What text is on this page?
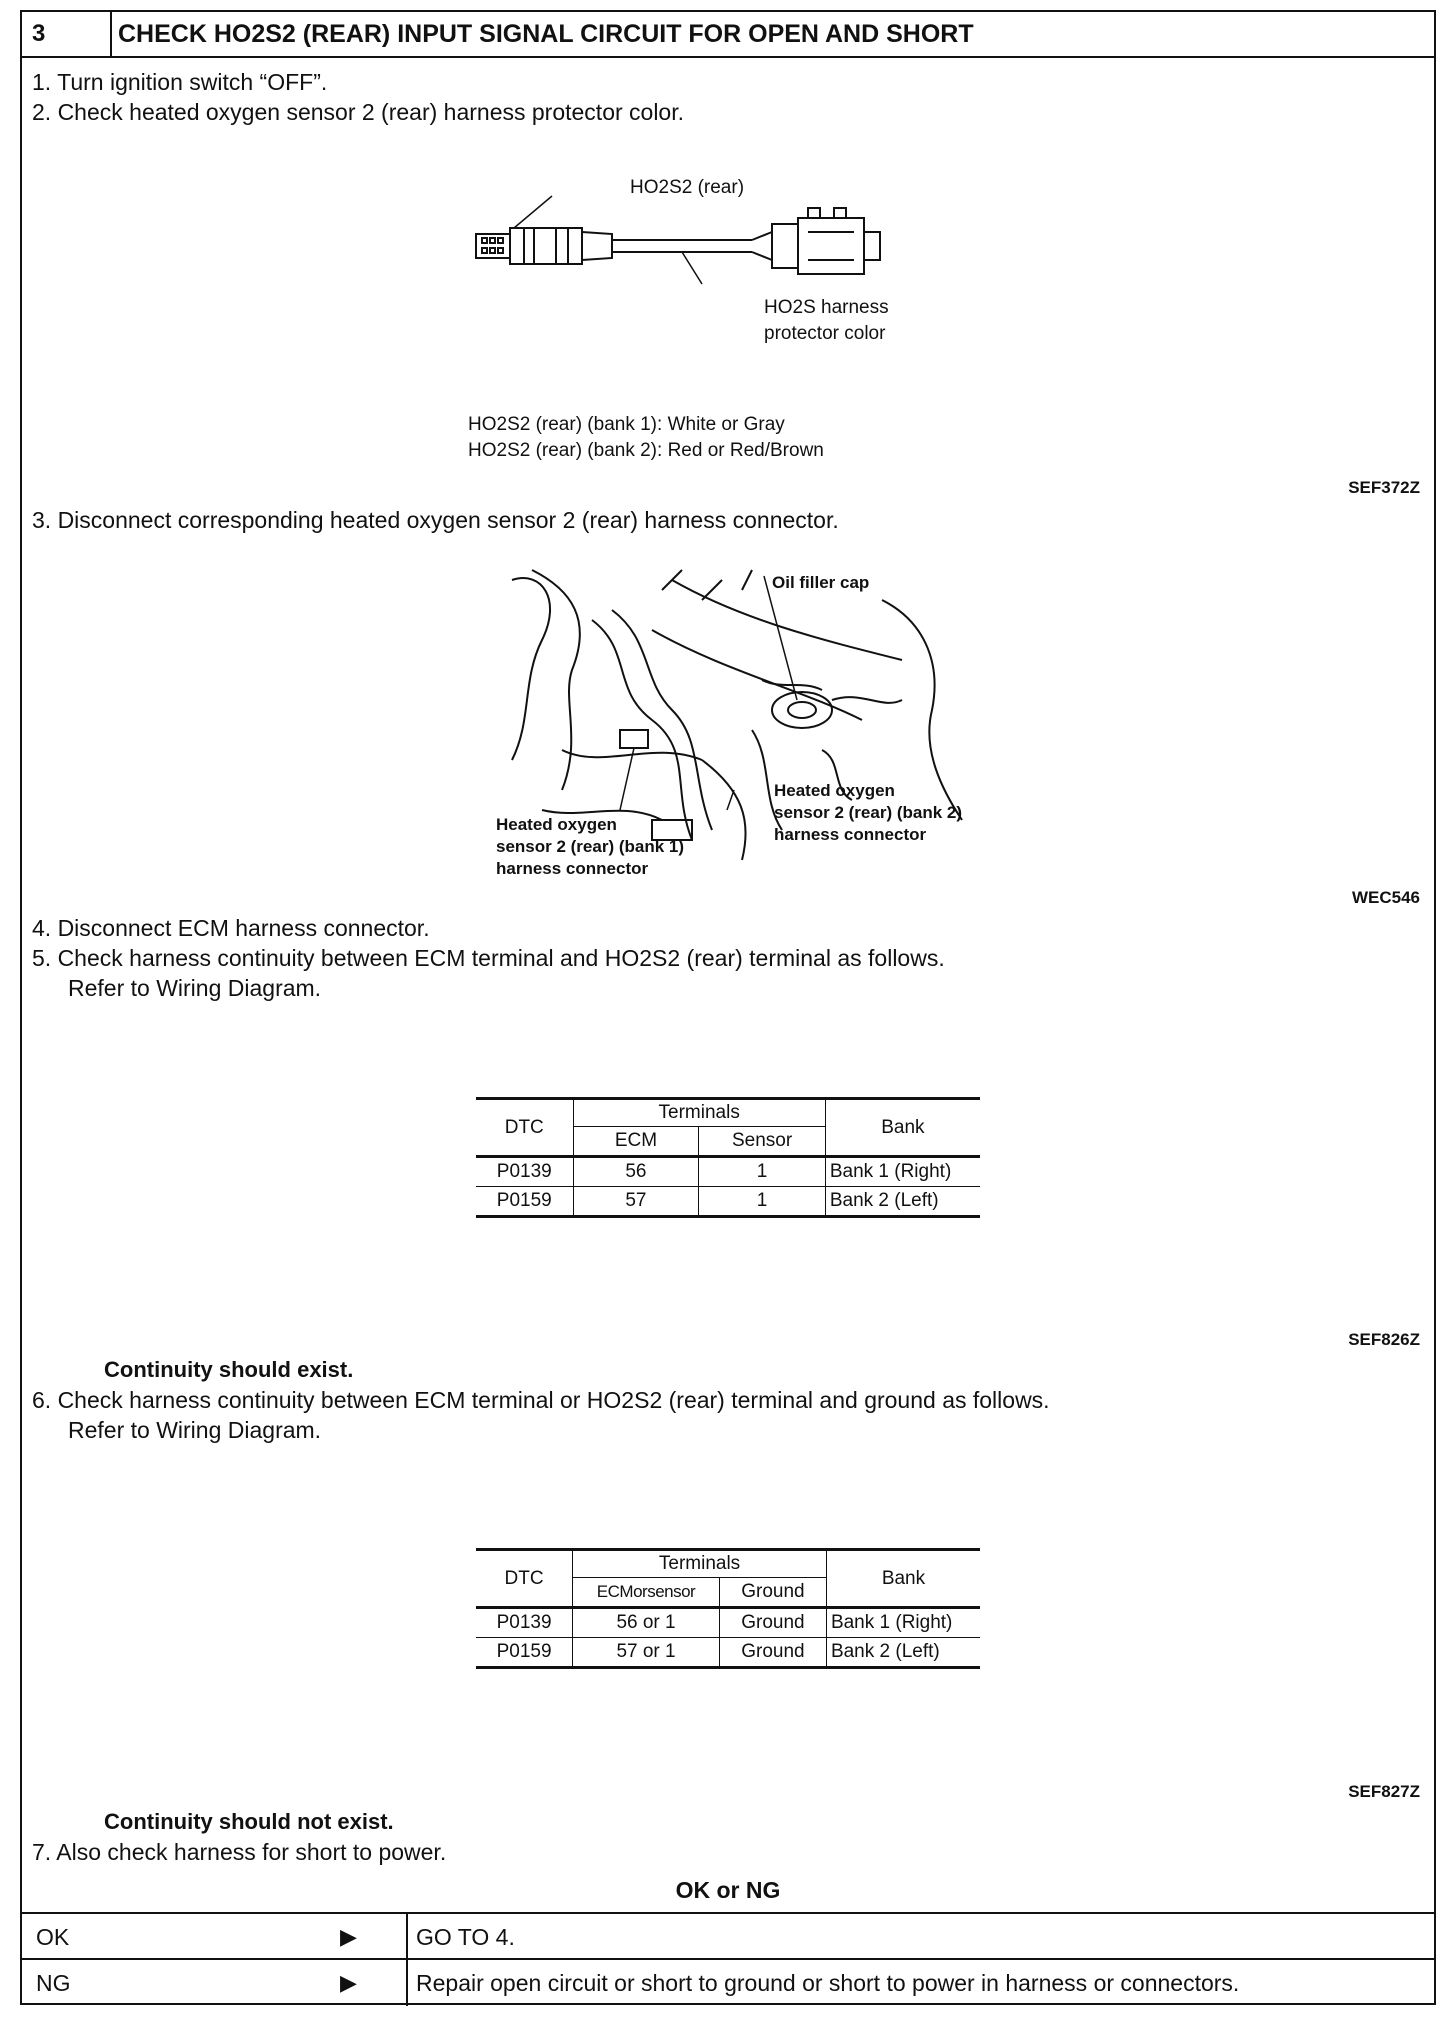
3	CHECK HO2S2 (REAR) INPUT SIGNAL CIRCUIT FOR OPEN AND SHORT
1. Turn ignition switch “OFF”.
2. Check heated oxygen sensor 2 (rear) harness protector color.
HO2S2 (rear)
HO2S harness
protector color
HO2S2 (rear) (bank 1): White or Gray
HO2S2 (rear) (bank 2): Red or Red/Brown
SEF372Z
3. Disconnect corresponding heated oxygen sensor 2 (rear) harness connector.
Oil filler cap
Heated oxygen
sensor 2 (rear) (bank 2)
harness connector
Heated oxygen
sensor 2 (rear) (bank 1)
harness connector
WEC546
4. Disconnect ECM harness connector.
5. Check harness continuity between ECM terminal and HO2S2 (rear) terminal as follows.
Refer to Wiring Diagram.
DTC	Terminals		Bank
	ECM	Sensor	
P0139	56	1	Bank 1 (Right)
P0159	57	1	Bank 2 (Left)
SEF826Z
Continuity should exist.
6. Check harness continuity between ECM terminal or HO2S2 (rear) terminal and ground as follows.
Refer to Wiring Diagram.
DTC	Terminals		Bank
	ECMorsensor	Ground	
P0139	56 or 1	Ground	Bank 1 (Right)
P0159	57 or 1	Ground	Bank 2 (Left)
SEF827Z
Continuity should not exist.
7. Also check harness for short to power.
OK or NG
OK	▶	GO TO 4.
NG	▶	Repair open circuit or short to ground or short to power in harness or connectors.
